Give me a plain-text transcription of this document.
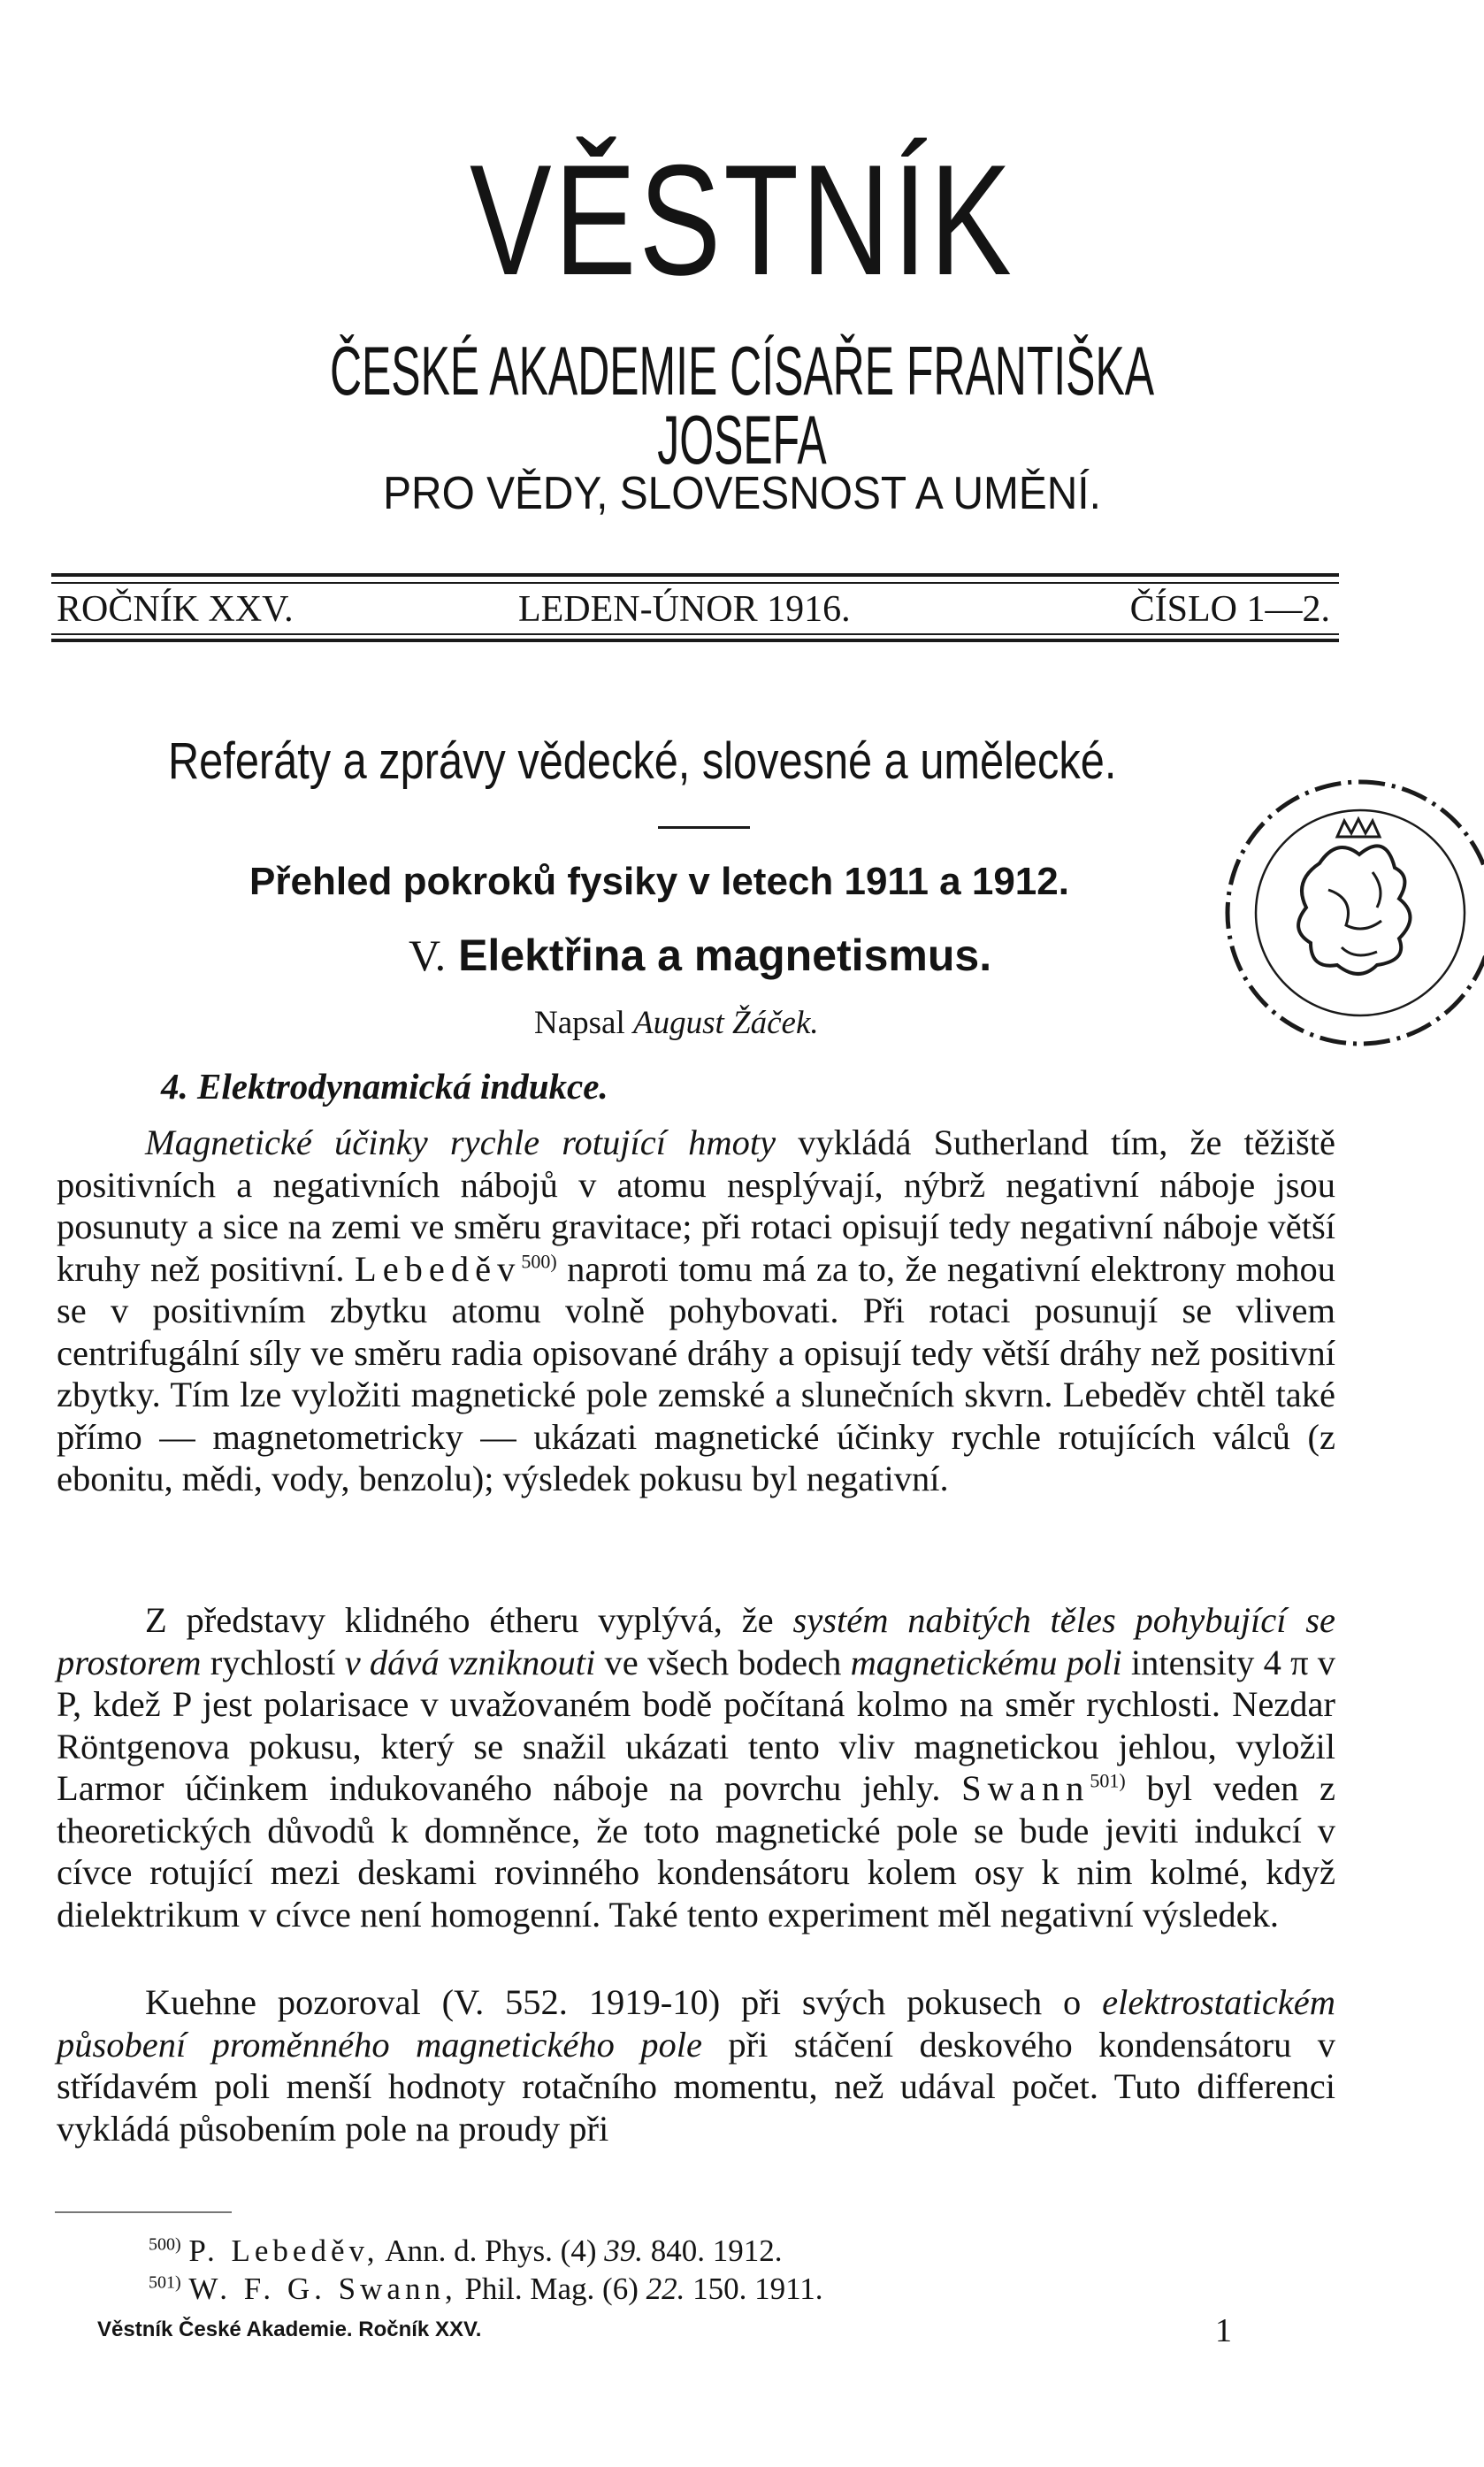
VĚSTNÍK
ČESKÉ AKADEMIE CÍSAŘE FRANTIŠKA JOSEFA
PRO VĚDY, SLOVESNOST A UMĚNÍ.
ROČNÍK XXV.	LEDEN-ÚNOR 1916.	ČÍSLO 1—2.
Referáty a zprávy vědecké, slovesné a umělecké.
Přehled pokroků fysiky v letech 1911 a 1912.
V. Elektřina a magnetismus.
Napsal August Žáček.
4. Elektrodynamická indukce.

Magnetické účinky rychle rotující hmoty vykládá Sutherland tím, že těžiště positivních a negativních nábojů v atomu nesplývají, nýbrž negativní náboje jsou posunuty a sice na zemi ve směru gravitace; při rotaci opisují tedy negativní náboje větší kruhy než positivní. Lebeděv$^{500)}$ naproti tomu má za to, že negativní elektrony mohou se v positivním zbytku atomu volně pohybovati. Při rotaci posunují se vlivem centrifugální síly ve směru radia opisované dráhy a opisují tedy větší dráhy než positivní zbytky. Tím lze vyložiti magnetické pole zemské a slunečních skvrn. Lebeděv chtěl také přímo — magnetometricky — ukázati magnetické účinky rychle rotujících válců (z ebonitu, mědi, vody, benzolu); výsledek pokusu byl negativní.

Z představy klidného étheru vyplývá, že systém nabitých těles pohybující se prostorem rychlostí v dává vzniknouti ve všech bodech magnetickému poli intensity 4 π v P, kdež P jest polarisace v uvažovaném bodě počítaná kolmo na směr rychlosti. Nezdar Röntgenova pokusu, který se snažil ukázati tento vliv magnetickou jehlou, vyložil Larmor účinkem indukovaného náboje na povrchu jehly. Swann$^{501)}$ byl veden z theoretických důvodů k domněnce, že toto magnetické pole se bude jeviti indukcí v cívce rotující mezi deskami rovinného kondensátoru kolem osy k nim kolmé, když dielektrikum v cívce není homogenní. Také tento experiment měl negativní výsledek.

Kuehne pozoroval (V. 552. 1919-10) při svých pokusech o elektrostatickém působení proměnného magnetického pole při stáčení deskového kondensátoru v střídavém poli menší hodnoty rotačního momentu, než udával počet. Tuto differenci vykládá působením pole na proudy při

$^{500)}$ P. Lebeděv, Ann. d. Phys. (4) 39. 840. 1912.
$^{501)}$ W. F. G. Swann, Phil. Mag. (6) 22. 150. 1911.
Věstník České Akademie. Ročník XXV.	1
